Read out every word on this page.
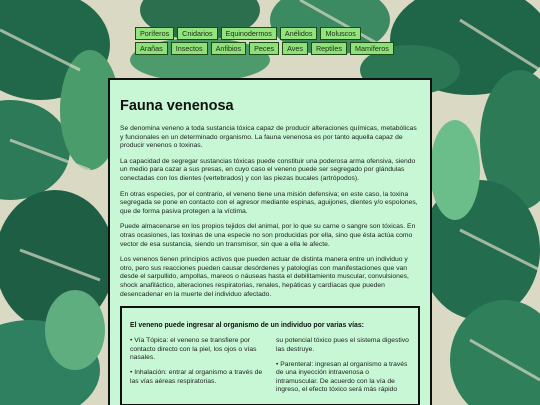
Poríferos	Cnidarios	Equinodermos	Anélidos	Moluscos
Arañas	Insectos	Anfibios	Peces	Aves	Reptiles	Mamíferos
Fauna venenosa

Se denomina veneno a toda sustancia tóxica capaz de producir alteraciones químicas, metabólicas y funcionales en un determinado organismo. La fauna venenosa es por tanto aquella capaz de producir venenos o toxinas.

La capacidad de segregar sustancias tóxicas puede constituir una poderosa arma ofensiva, siendo un medio para cazar a sus presas, en cuyo caso el veneno puede ser segregado por glándulas conectadas con los dientes (vertebrados) y con las piezas bucales (artrópodos).

En otras especies, por el contrario, el veneno tiene una misión defensiva; en este caso, la toxina segregada se pone en contacto con el agresor mediante espinas, aguijones, dientes y/o espolones, que de forma pasiva protegen a la víctima.

Puede almacenarse en los propios tejidos del animal, por lo que su carne o sangre son tóxicas. En otras ocasiones, las toxinas de una especie no son producidas por ella, sino que ésta actúa como vector de esa sustancia, siendo un transmisor, sin que a ella le afecte.

Los venenos tienen principios activos que pueden actuar de distinta manera entre un individuo y otro, pero sus reacciones pueden causar desórdenes y patologías con manifestaciones que van desde el sarpullido, ampollas, mareos o náuseas hasta el debilitamiento muscular, convulsiones, shock anafiláctico, alteraciones respiratorias, renales, hepáticas y cardíacas que pueden desencadenar en la muerte del individuo afectado.

El veneno puede ingresar al organismo de un individuo por varias vías:

• Vía Tópica: el veneno se transfiere por contacto directo con la piel, los ojos o vías nasales.

• Inhalación: entrar al organismo a través de las vías aéreas respiratorias.

su potencial tóxico pues el sistema digestivo las destruye.

• Parenteral: ingresan al organismo a través de una inyección intravenosa o intramuscular. De acuerdo con la vía de ingreso, el efecto tóxico será más rápido
